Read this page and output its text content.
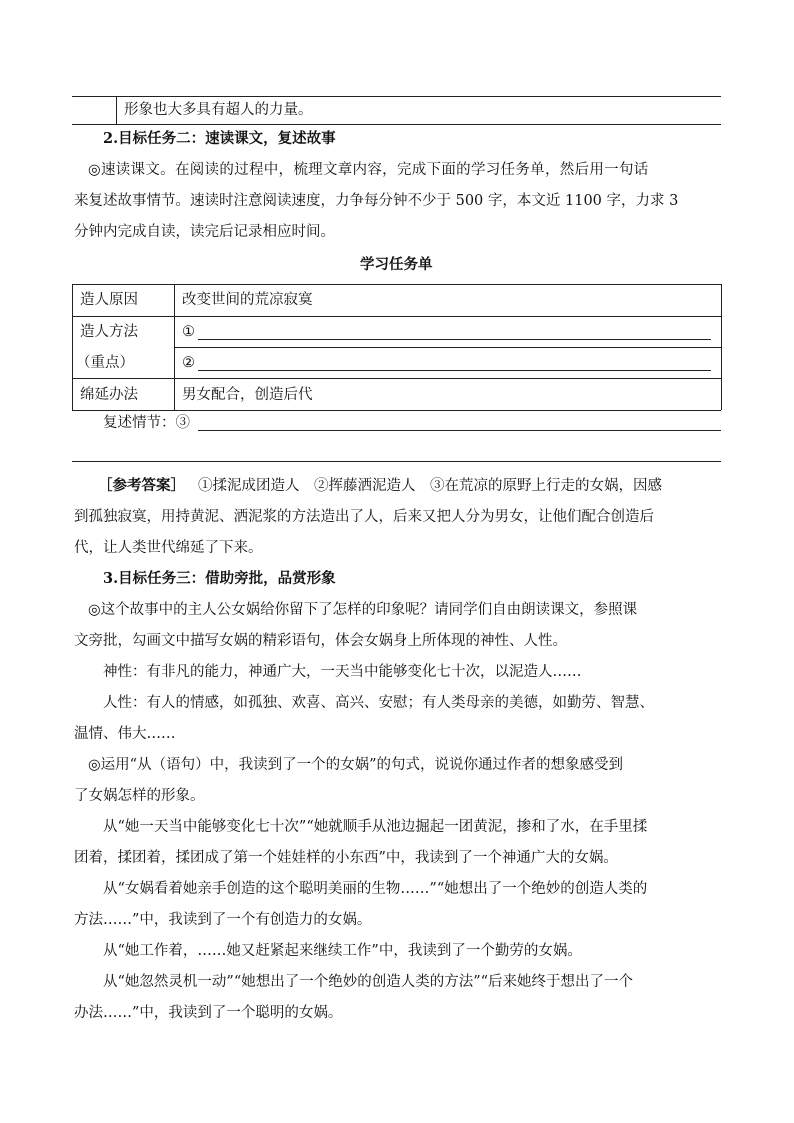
形象也大多具有超人的力量。
2.目标任务二：速读课文，复述故事
◎速读课文。在阅读的过程中，梳理文章内容，完成下面的学习任务单，然后用一句话
来复述故事情节。速读时注意阅读速度，力争每分钟不少于 500 字，本文近 1100 字，力求 3
分钟内完成自读，读完后记录相应时间。
学习任务单
造人原因	改变世间的荒凉寂寞
造人方法	①
（重点）	②
绵延办法	男女配合，创造后代
复述情节：③
［参考答案］ ①揉泥成团造人　②挥藤洒泥造人　③在荒凉的原野上行走的女娲，因感
到孤独寂寞，用持黄泥、洒泥浆的方法造出了人，后来又把人分为男女，让他们配合创造后
代，让人类世代绵延了下来。
3.目标任务三：借助旁批，品赏形象
◎这个故事中的主人公女娲给你留下了怎样的印象呢？请同学们自由朗读课文，参照课
文旁批，勾画文中描写女娲的精彩语句，体会女娲身上所体现的神性、人性。
神性：有非凡的能力，神通广大，一天当中能够变化七十次，以泥造人……
人性：有人的情感，如孤独、欢喜、高兴、安慰；有人类母亲的美德，如勤劳、智慧、
温情、伟大……
◎运用“从（语句）中，我读到了一个的女娲”的句式，说说你通过作者的想象感受到
了女娲怎样的形象。
从“她一天当中能够变化七十次”“她就顺手从池边掘起一团黄泥，掺和了水，在手里揉
团着，揉团着，揉团成了第一个娃娃样的小东西”中，我读到了一个神通广大的女娲。
从“女娲看着她亲手创造的这个聪明美丽的生物……”“她想出了一个绝妙的创造人类的
方法……”中，我读到了一个有创造力的女娲。
从“她工作着，……她又赶紧起来继续工作”中，我读到了一个勤劳的女娲。
从“她忽然灵机一动”“她想出了一个绝妙的创造人类的方法”“后来她终于想出了一个
办法……”中，我读到了一个聪明的女娲。
